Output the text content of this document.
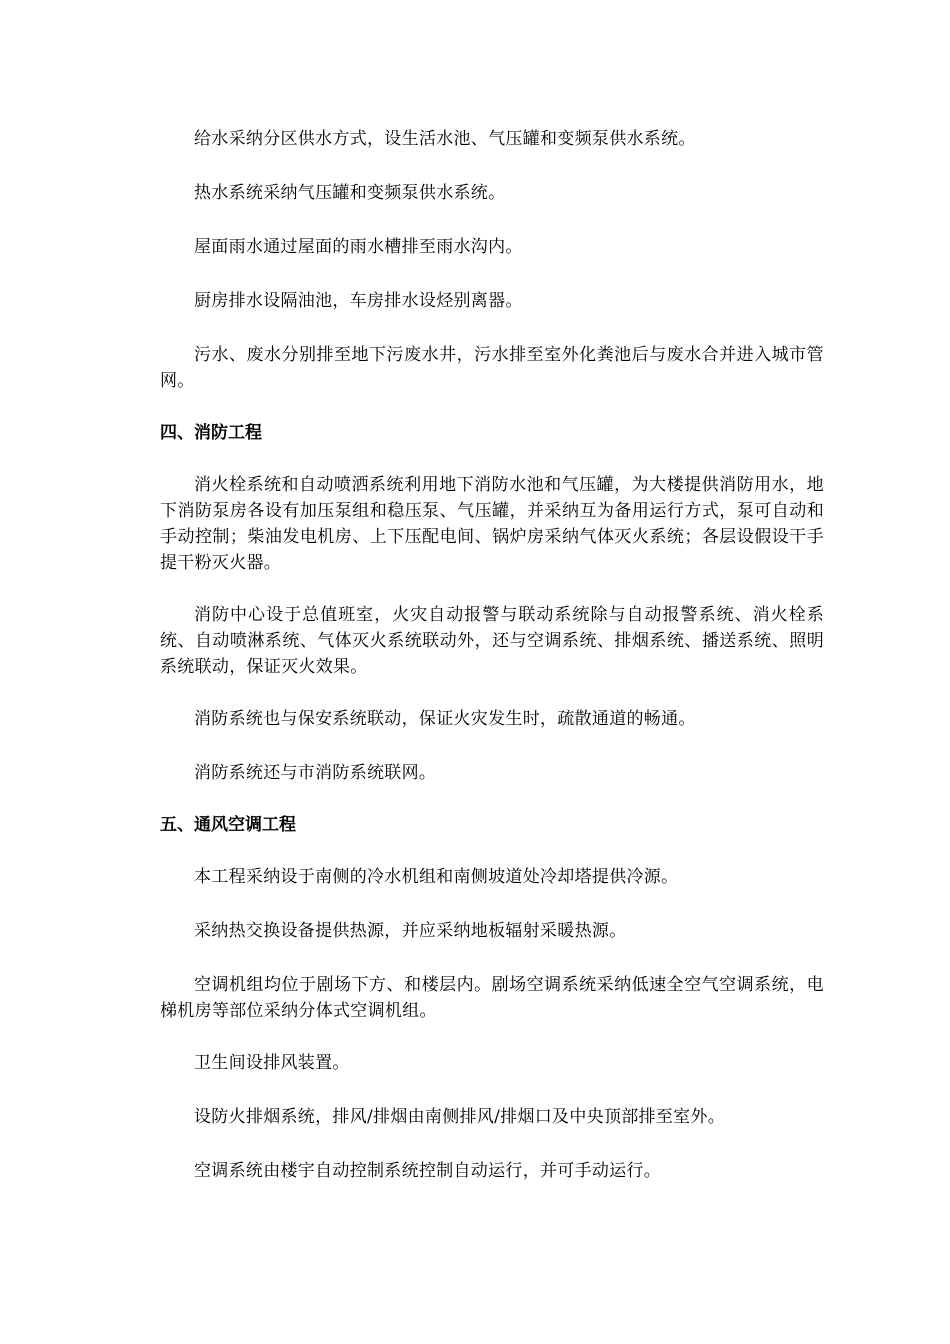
给水采纳分区供水方式，设生活水池、气压罐和变频泵供水系统。

热水系统采纳气压罐和变频泵供水系统。

屋面雨水通过屋面的雨水槽排至雨水沟内。

厨房排水设隔油池，车房排水设烃别离器。

污水、废水分别排至地下污废水井，污水排至室外化粪池后与废水合并进入城市管网。

四、消防工程

消火栓系统和自动喷洒系统利用地下消防水池和气压罐，为大楼提供消防用水，地下消防泵房各设有加压泵组和稳压泵、气压罐，并采纳互为备用运行方式，泵可自动和手动控制；柴油发电机房、上下压配电间、锅炉房采纳气体灭火系统；各层设假设干手提干粉灭火器。

消防中心设于总值班室，火灾自动报警与联动系统除与自动报警系统、消火栓系统、自动喷淋系统、气体灭火系统联动外，还与空调系统、排烟系统、播送系统、照明系统联动，保证灭火效果。

消防系统也与保安系统联动，保证火灾发生时，疏散通道的畅通。

消防系统还与市消防系统联网。

五、通风空调工程

本工程采纳设于南侧的冷水机组和南侧坡道处冷却塔提供冷源。

采纳热交换设备提供热源，并应采纳地板辐射采暖热源。

空调机组均位于剧场下方、和楼层内。剧场空调系统采纳低速全空气空调系统，电梯机房等部位采纳分体式空调机组。

卫生间设排风装置。

设防火排烟系统，排风/排烟由南侧排风/排烟口及中央顶部排至室外。

空调系统由楼宇自动控制系统控制自动运行，并可手动运行。
